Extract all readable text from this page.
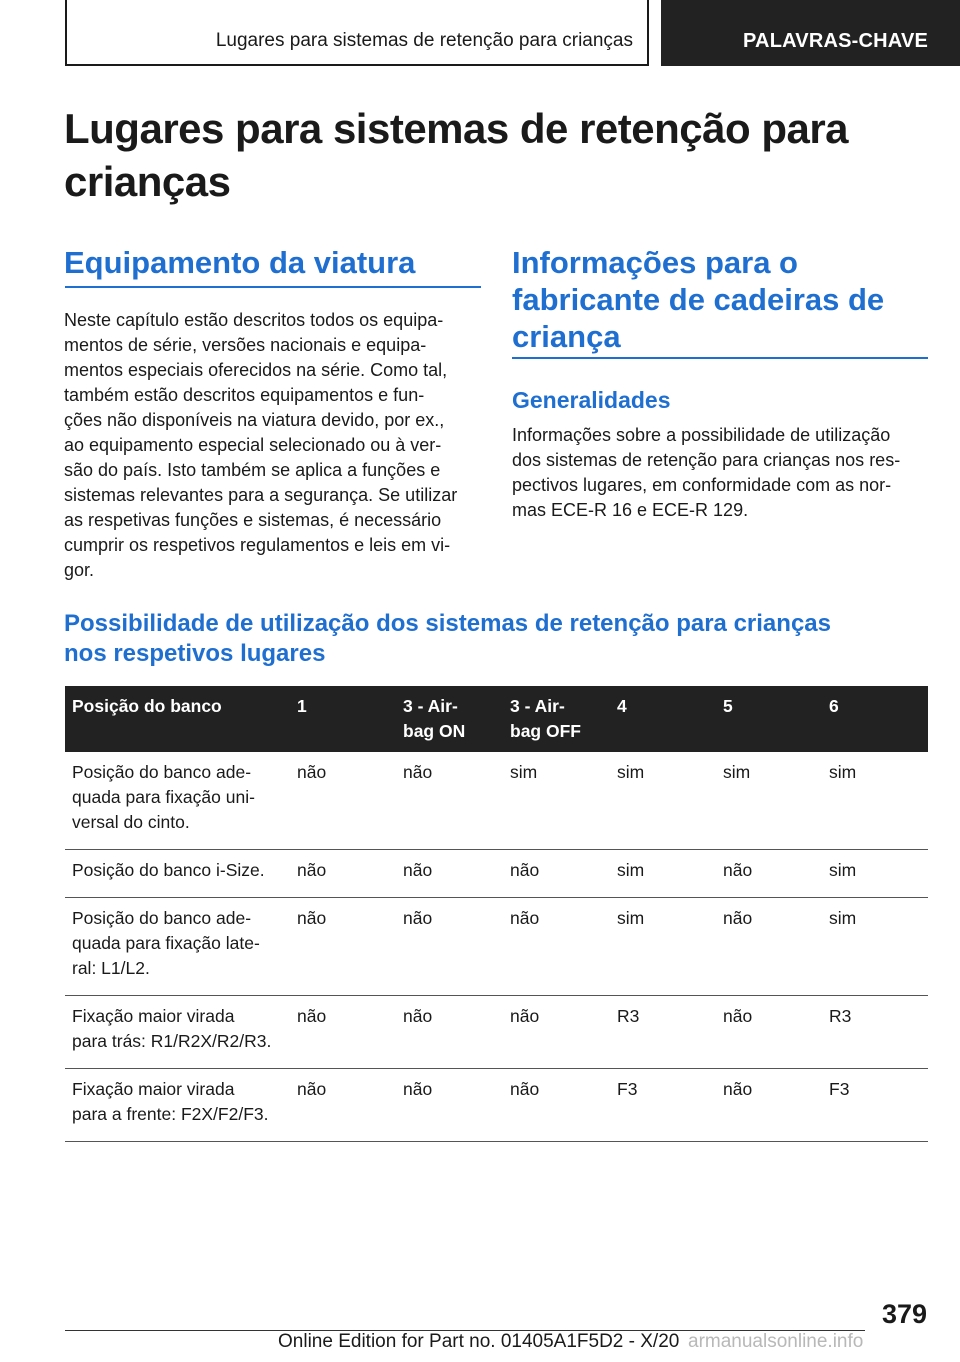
Lugares para sistemas de retenção para crianças	PALAVRAS-CHAVE
Lugares para sistemas de retenção para
crianças
Equipamento da viatura

Neste capítulo estão descritos todos os equipa-
mentos de série, versões nacionais e equipa-
mentos especiais oferecidos na série. Como tal,
também estão descritos equipamentos e fun-
ções não disponíveis na viatura devido, por ex.,
ao equipamento especial selecionado ou à ver-
são do país. Isto também se aplica a funções e
sistemas relevantes para a segurança. Se utilizar
as respetivas funções e sistemas, é necessário
cumprir os respetivos regulamentos e leis em vi-
gor.

Informações para o
fabricante de cadeiras de
criança
Generalidades

Informações sobre a possibilidade de utilização
dos sistemas de retenção para crianças nos res-
pectivos lugares, em conformidade com as nor-
mas ECE-R 16 e ECE-R 129.

Possibilidade de utilização dos sistemas de retenção para crianças
nos respetivos lugares
Posição do banco	1	3 - Air-
bag ON	3 - Air-
bag OFF	4	5	6
Posição do banco ade-
quada para fixação uni-
versal do cinto.	não	não	sim	sim	sim	sim
Posição do banco i-Size.	não	não	não	sim	não	sim
Posição do banco ade-
quada para fixação late-
ral: L1/L2.	não	não	não	sim	não	sim
Fixação maior virada
para trás: R1/R2X/R2/R3.	não	não	não	R3	não	R3
Fixação maior virada
para a frente: F2X/F2/F3.	não	não	não	F3	não	F3
379
Online Edition for Part no. 01405A1F5D2 - X/20 armanualsonline.info
